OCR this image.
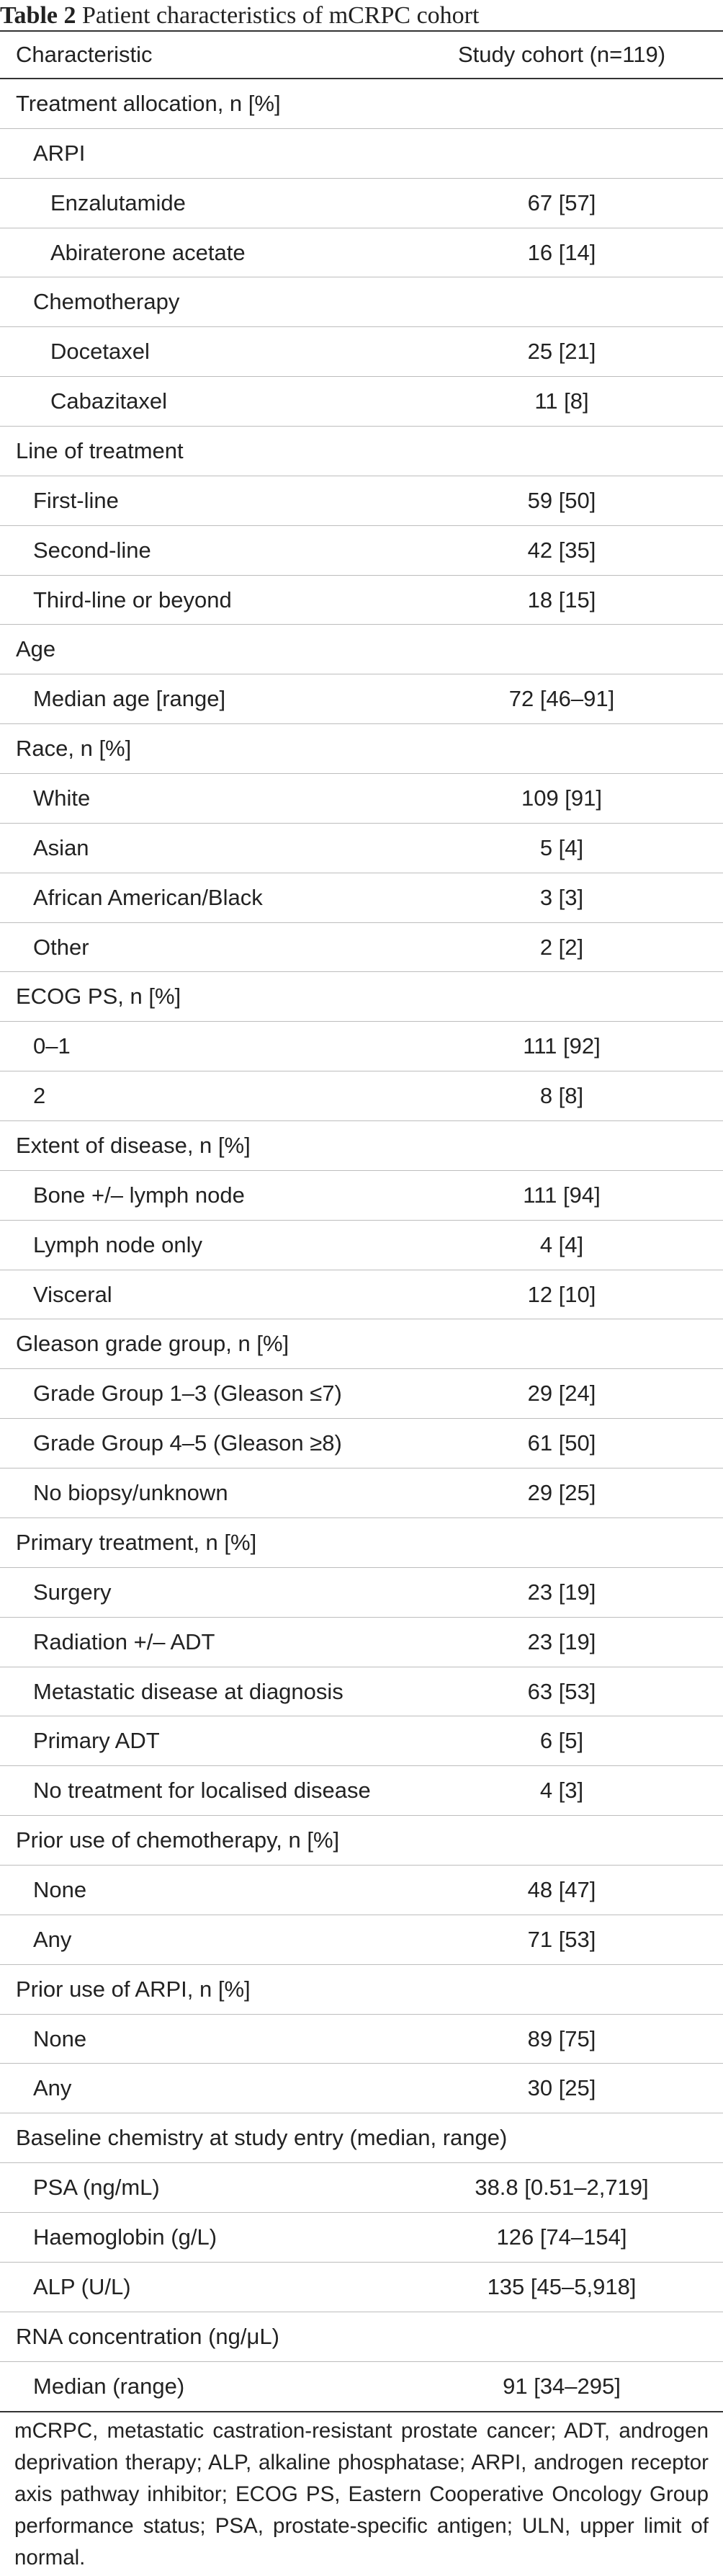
Table 2 Patient characteristics of mCRPC cohort
Characteristic	Study cohort (n=119)
Treatment allocation, n [%]
ARPI
Enzalutamide	67 [57]
Abiraterone acetate	16 [14]
Chemotherapy
Docetaxel	25 [21]
Cabazitaxel	11 [8]
Line of treatment
First-line	59 [50]
Second-line	42 [35]
Third-line or beyond	18 [15]
Age
Median age [range]	72 [46–91]
Race, n [%]
White	109 [91]
Asian	5 [4]
African American/Black	3 [3]
Other	2 [2]
ECOG PS, n [%]
0–1	111 [92]
2	8 [8]
Extent of disease, n [%]
Bone +/– lymph node	111 [94]
Lymph node only	4 [4]
Visceral	12 [10]
Gleason grade group, n [%]
Grade Group 1–3 (Gleason ≤7)	29 [24]
Grade Group 4–5 (Gleason ≥8)	61 [50]
No biopsy/unknown	29 [25]
Primary treatment, n [%]
Surgery	23 [19]
Radiation +/– ADT	23 [19]
Metastatic disease at diagnosis	63 [53]
Primary ADT	6 [5]
No treatment for localised disease	4 [3]
Prior use of chemotherapy, n [%]
None	48 [47]
Any	71 [53]
Prior use of ARPI, n [%]
None	89 [75]
Any	30 [25]
Baseline chemistry at study entry (median, range)
PSA (ng/mL)	38.8 [0.51–2,719]
Haemoglobin (g/L)	126 [74–154]
ALP (U/L)	135 [45–5,918]
RNA concentration (ng/μL)
Median (range)	91 [34–295]
mCRPC, metastatic castration-resistant prostate cancer; ADT, androgen deprivation therapy; ALP, alkaline phosphatase; ARPI, androgen receptor axis pathway inhibitor; ECOG PS, Eastern Cooperative Oncology Group performance status; PSA, prostate-specific antigen; ULN, upper limit of normal.
